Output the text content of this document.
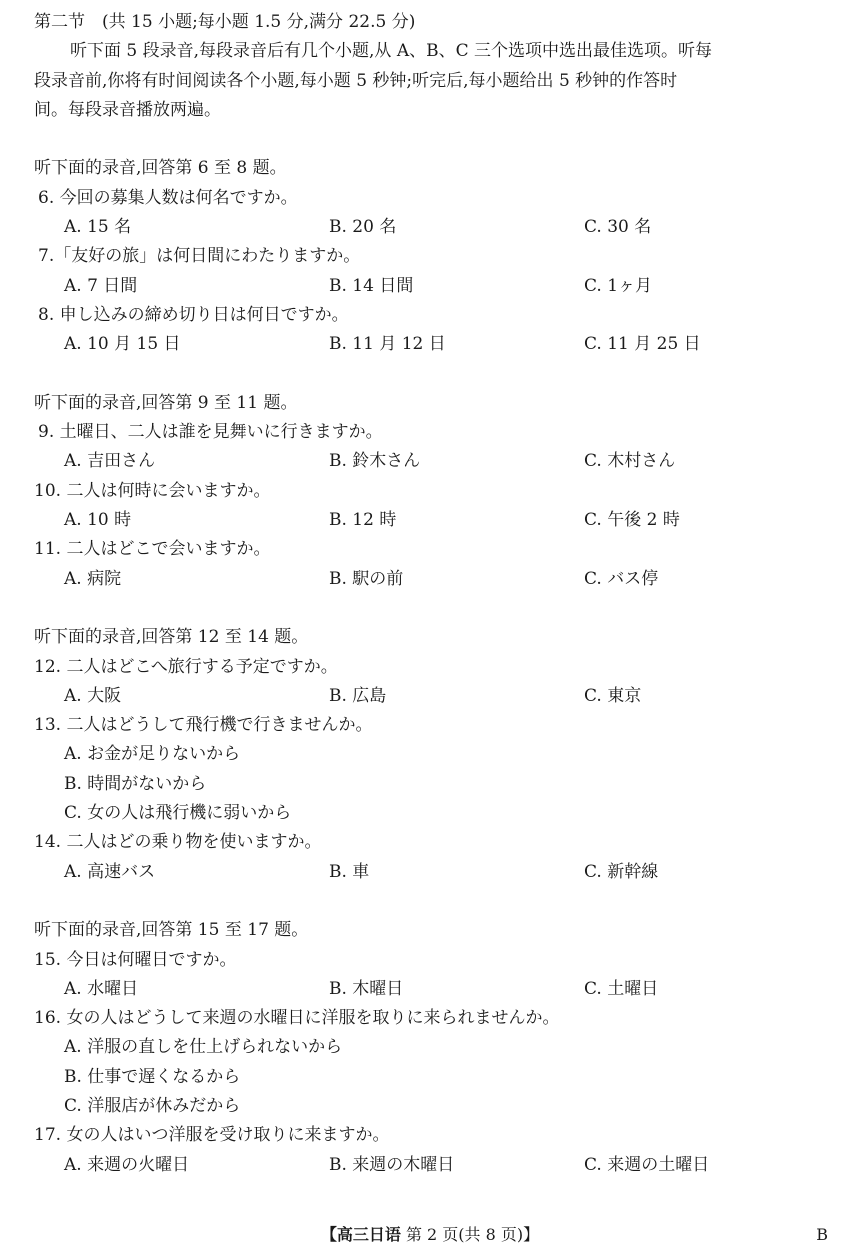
第二节　(共 15 小题;每小题 1.5 分,满分 22.5 分)

听下面 5 段录音,每段录音后有几个小题,从 A、B、C 三个选项中选出最佳选项。听每

段录音前,你将有时间阅读各个小题,每小题 5 秒钟;听完后,每小题给出 5 秒钟的作答时

间。每段录音播放两遍。

听下面的录音,回答第 6 至 8 题。

6. 今回の募集人数は何名ですか。

A. 15 名	B. 20 名	C. 30 名

7.「友好の旅」は何日間にわたりますか。

A. 7 日間	B. 14 日間	C. 1ヶ月

8. 申し込みの締め切り日は何日ですか。

A. 10 月 15 日	B. 11 月 12 日	C. 11 月 25 日

听下面的录音,回答第 9 至 11 题。

9. 土曜日、二人は誰を見舞いに行きますか。

A. 吉田さん	B. 鈴木さん	C. 木村さん

10. 二人は何時に会いますか。

A. 10 時	B. 12 時	C. 午後 2 時

11. 二人はどこで会いますか。

A. 病院	B. 駅の前	C. バス停

听下面的录音,回答第 12 至 14 题。

12. 二人はどこへ旅行する予定ですか。

A. 大阪	B. 広島	C. 東京

13. 二人はどうして飛行機で行きませんか。

A. お金が足りないから

B. 時間がないから

C. 女の人は飛行機に弱いから

14. 二人はどの乗り物を使いますか。

A. 高速バス	B. 車	C. 新幹線

听下面的录音,回答第 15 至 17 题。

15. 今日は何曜日ですか。

A. 水曜日	B. 木曜日	C. 土曜日

16. 女の人はどうして来週の水曜日に洋服を取りに来られませんか。

A. 洋服の直しを仕上げられないから

B. 仕事で遅くなるから

C. 洋服店が休みだから

17. 女の人はいつ洋服を受け取りに来ますか。

A. 来週の火曜日	B. 来週の木曜日	C. 来週の土曜日
【高三日语 第 2 页(共 8 页)】	B
